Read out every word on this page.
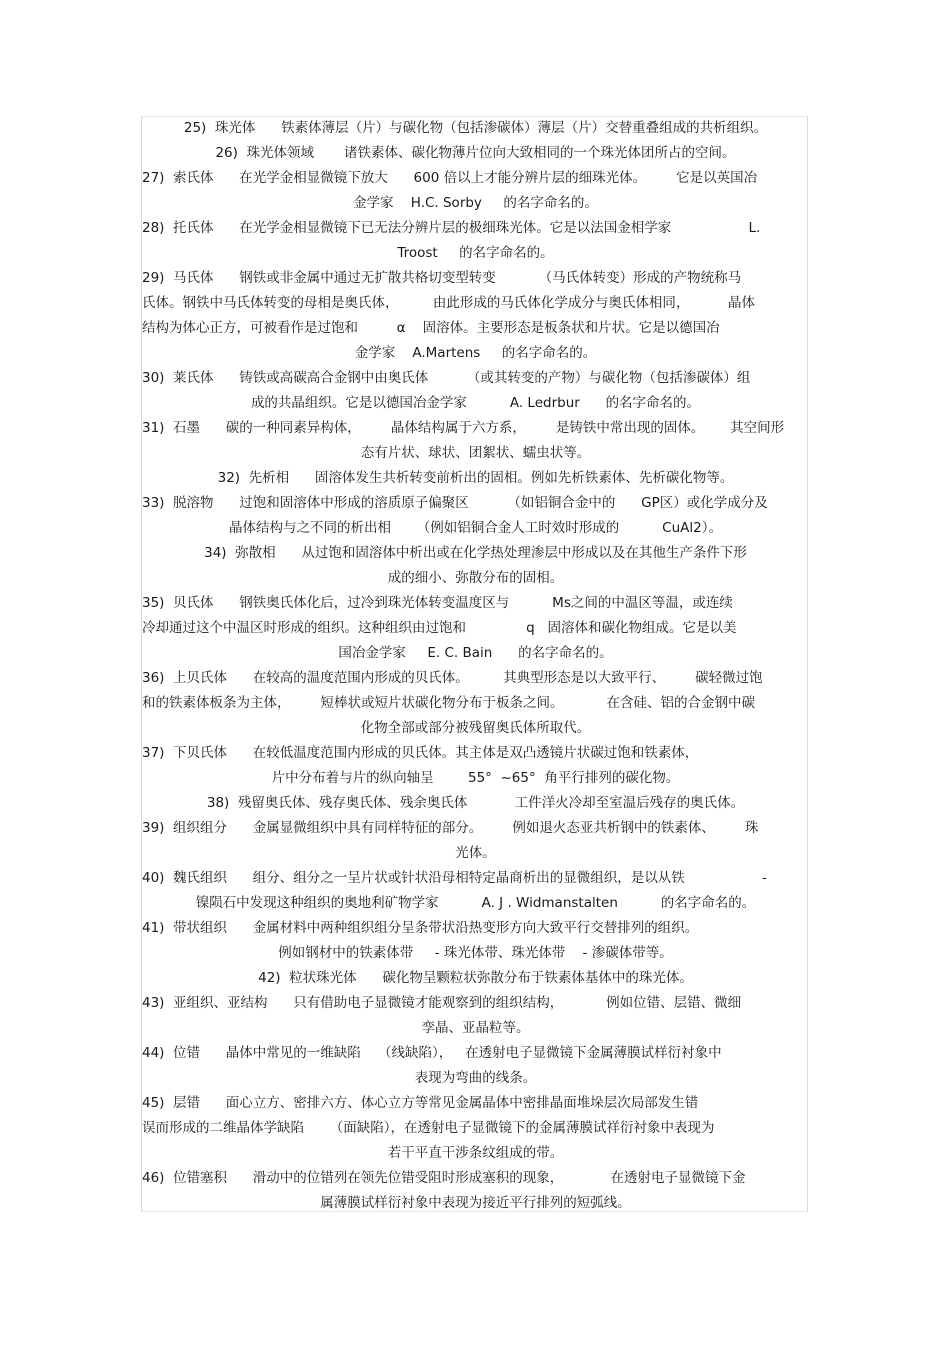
25)  珠光体      铁素体薄层（片）与碳化物（包括渗碳体）薄层（片）交替重叠组成的共析组织。
26)  珠光体领域       诸铁素体、碳化物薄片位向大致相同的一个珠光体团所占的空间。
27)  索氏体      在光学金相显微镜下放大      600 倍以上才能分辨片层的细珠光体。       它是以英国冶
金学家    H.C. Sorby     的名字命名的。
28)  托氏体      在光学金相显微镜下已无法分辨片层的极细珠光体。它是以法国金相学家                  L.
Troost     的名字命名的。
29)  马氏体      钢铁或非金属中通过无扩散共格切变型转变          （马氏体转变）形成的产物统称马
氏体。钢铁中马氏体转变的母相是奥氏体，        由此形成的马氏体化学成分与奥氏体相同，         晶体
结构为体心正方，可被看作是过饱和         α    固溶体。主要形态是板条状和片状。它是以德国冶
金学家    A.Martens     的名字命名的。
30)  莱氏体      铸铁或高碳高合金钢中由奥氏体         （或其转变的产物）与碳化物（包括渗碳体）组
成的共晶组织。它是以德国冶金学家          A. Ledrbur      的名字命名的。
31)  石墨      碳的一种同素异构体，       晶体结构属于六方系，       是铸铁中常出现的固体。      其空间形
态有片状、球状、团絮状、蠕虫状等。
32)  先析相      固溶体发生共析转变前析出的固相。例如先析铁素体、先析碳化物等。
33)  脱溶物      过饱和固溶体中形成的溶质原子偏聚区         （如铝铜合金中的      GP区）或化学成分及
晶体结构与之不同的析出相      （例如铝铜合金人工时效时形成的          CuAl2）。
34)  弥散相      从过饱和固溶体中析出或在化学热处理渗层中形成以及在其他生产条件下形
成的细小、弥散分布的固相。
35)  贝氏体      钢铁奥氏体化后，过冷到珠光体转变温度区与          Ms之间的中温区等温，或连续
冷却通过这个中温区时形成的组织。这种组织由过饱和              q   固溶体和碳化物组成。它是以美
国冶金学家     E. C. Bain      的名字命名的。
36)  上贝氏体      在较高的温度范围内形成的贝氏体。        其典型形态是以大致平行、       碳轻微过饱
和的铁素体板条为主体，       短棒状或短片状碳化物分布于板条之间。          在含硅、铝的合金钢中碳
化物全部或部分被残留奥氏体所取代。
37)  下贝氏体      在较低温度范围内形成的贝氏体。其主体是双凸透镜片状碳过饱和铁素体，
片中分布着与片的纵向轴呈        55°  ~65°  角平行排列的碳化物。
38)  残留奥氏体、残存奥氏体、残余奥氏体           工件洋火冷却至室温后残存的奥氏体。
39)  组织组分      金属显微组织中具有同样特征的部分。       例如退火态亚共析钢中的铁素体、       珠
光体。
40)  魏氏组织      组分、组分之一呈片状或针状沿母相特定晶商析出的显微组织，是以从铁                  -
镍陨石中发现这种组织的奥地利矿物学家          A. J . Widmanstalten          的名字命名的。
41)  带状组织      金属材料中两种组织组分呈条带状沿热变形方向大致平行交替排列的组织。
例如钢材中的铁素体带     - 珠光体带、珠光体带    - 渗碳体带等。
42)  粒状珠光体      碳化物呈颗粒状弥散分布于铁素体基体中的珠光体。
43)  亚组织、亚结构      只有借助电子显微镜才能观察到的组织结构，          例如位错、层错、微细
孪晶、亚晶粒等。
44)  位错      晶体中常见的一维缺陷    （线缺陷），   在透射电子显微镜下金属薄膜试样衍衬象中
表现为弯曲的线条。
45)  层错      面心立方、密排六方、体心立方等常见金属晶体中密排晶面堆垛层次局部发生错
误而形成的二维晶体学缺陷      （面缺陷），在透射电子显微镜下的金属薄膜试祥衍衬象中表现为
若干平直干涉条纹组成的带。
46)  位错塞积      滑动中的位错列在领先位错受阻时形成塞积的现象，           在透射电子显微镜下金
属薄膜试样衍衬象中表现为接近平行排列的短弧线。
